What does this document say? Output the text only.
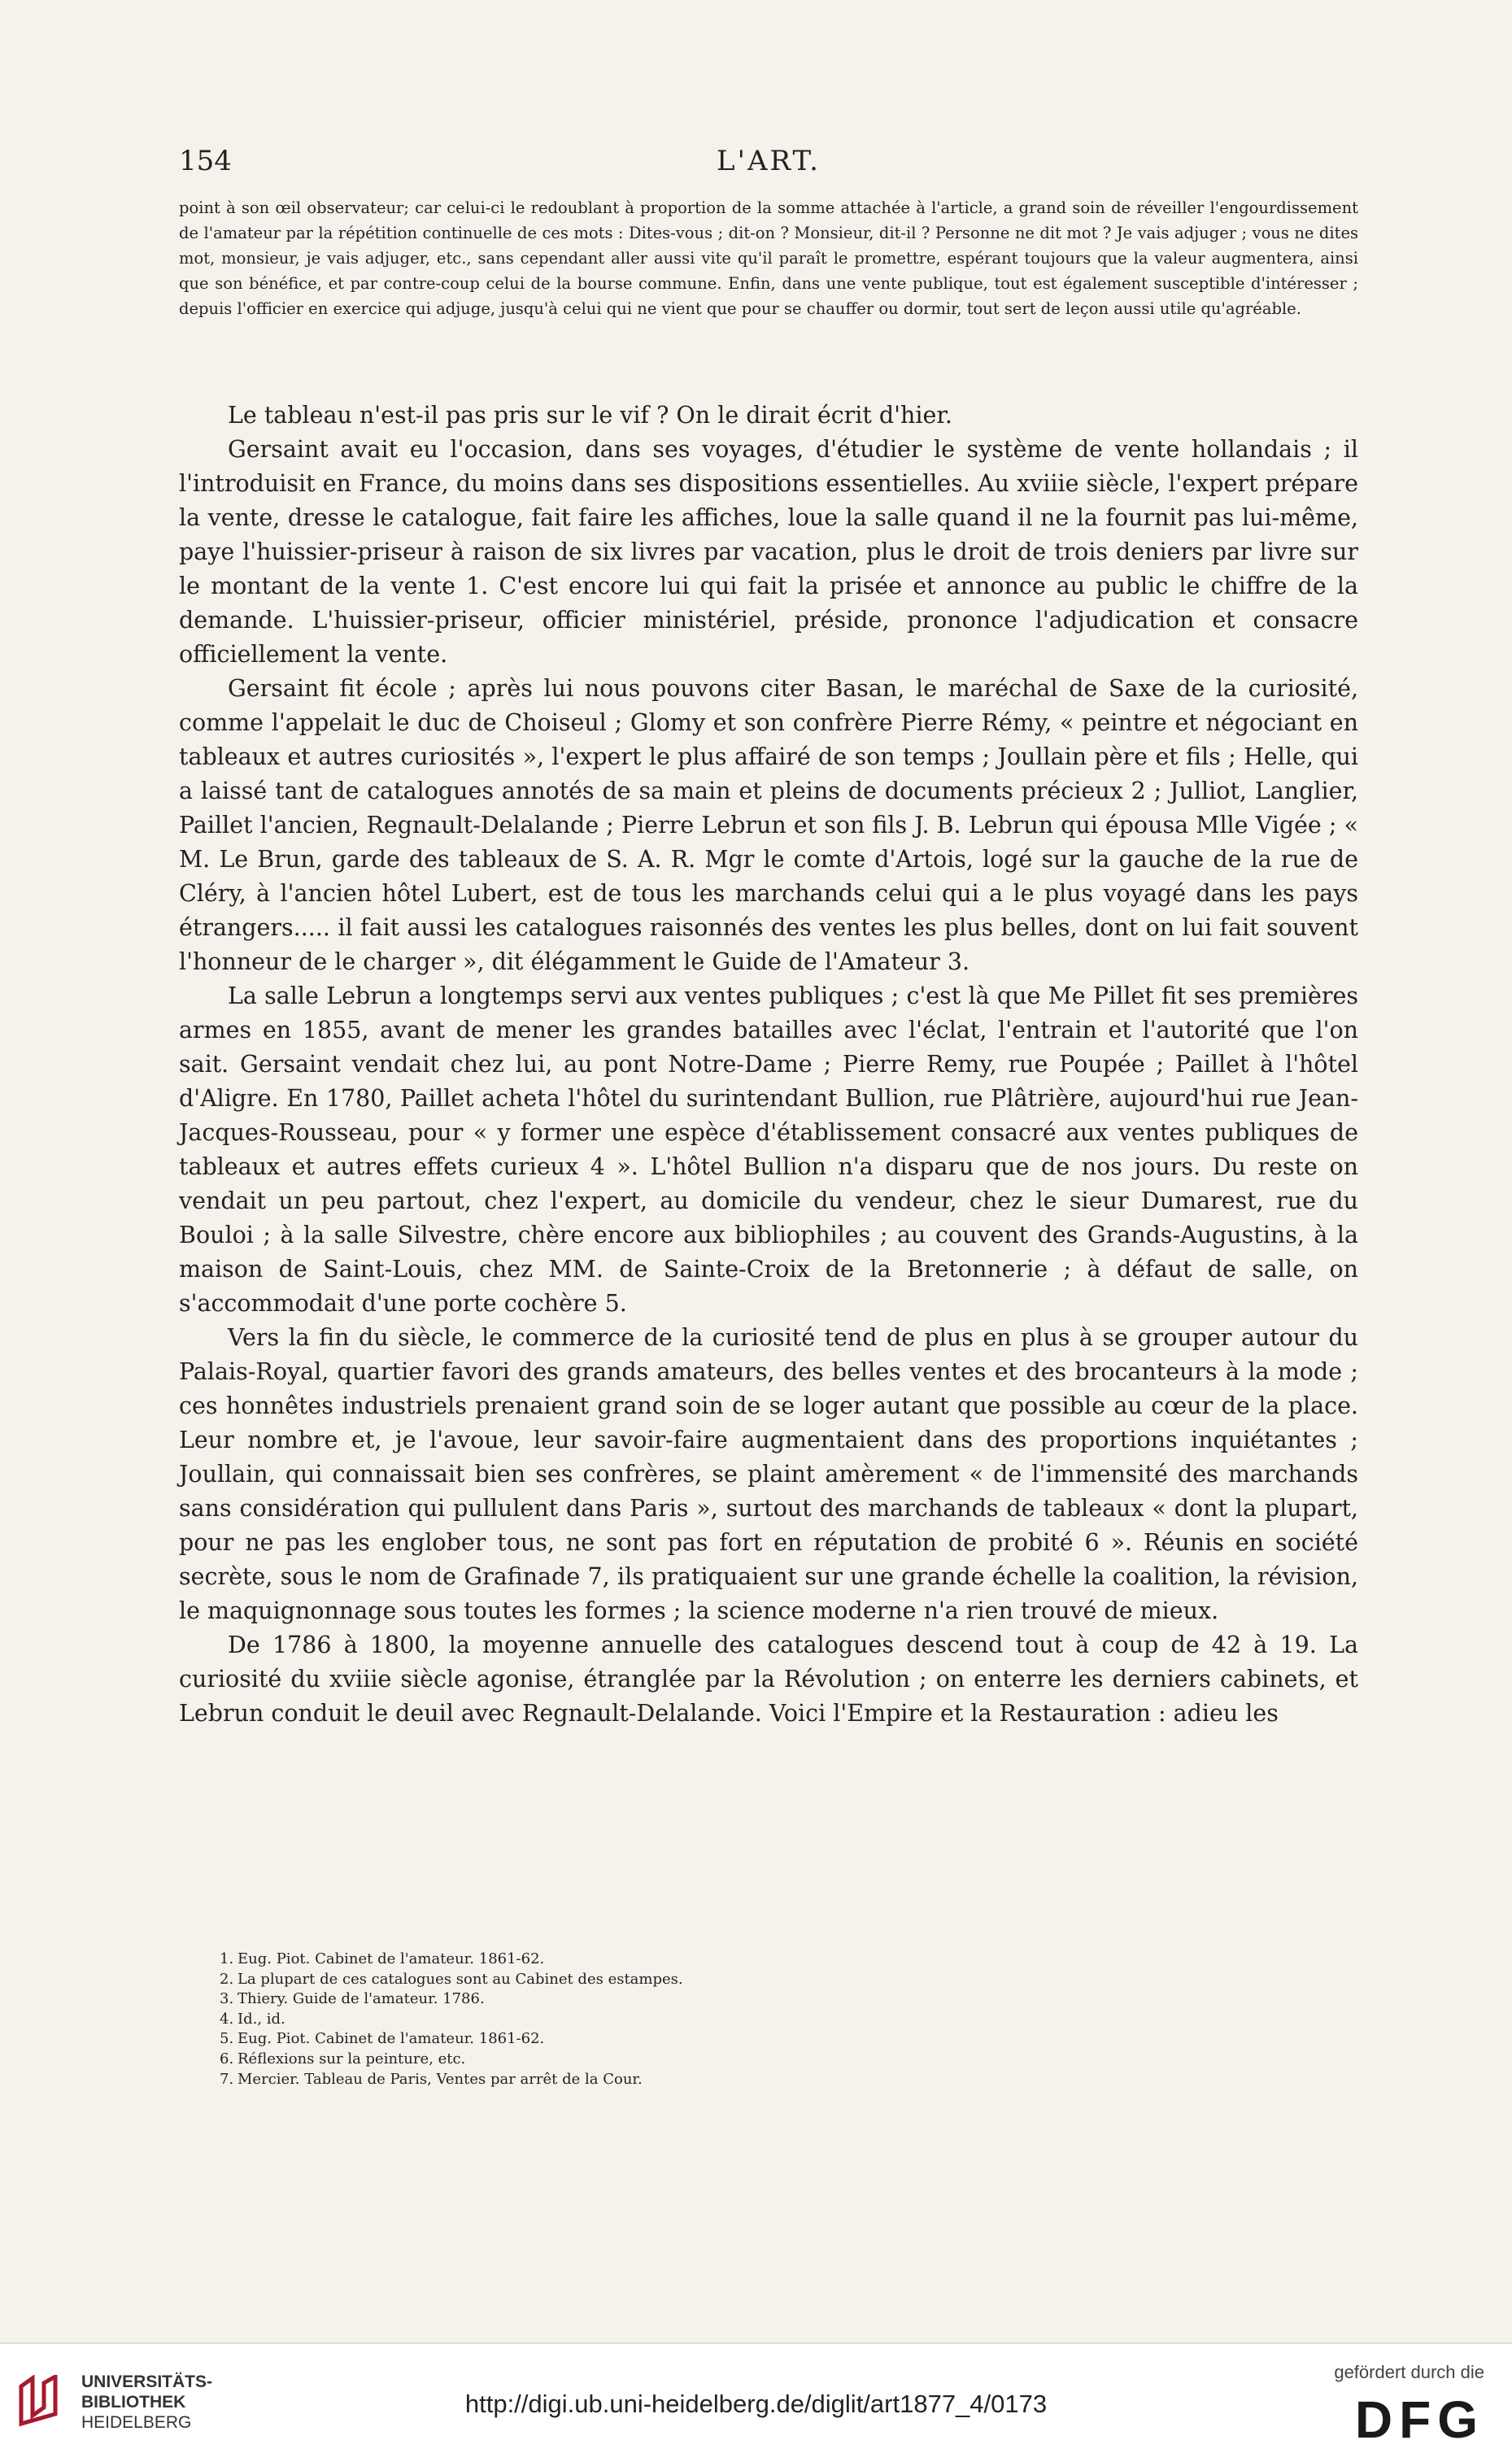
154	L'ART.
point à son œil observateur; car celui-ci le redoublant à proportion de la somme attachée à l'article, a grand soin de réveiller l'engourdissement de l'amateur par la répétition continuelle de ces mots : Dites-vous ; dit-on ? Monsieur, dit-il ? Personne ne dit mot ? Je vais adjuger ; vous ne dites mot, monsieur, je vais adjuger, etc., sans cependant aller aussi vite qu'il paraît le promettre, espérant toujours que la valeur augmentera, ainsi que son bénéfice, et par contre-coup celui de la bourse commune. Enfin, dans une vente publique, tout est également susceptible d'intéresser ; depuis l'officier en exercice qui adjuge, jusqu'à celui qui ne vient que pour se chauffer ou dormir, tout sert de leçon aussi utile qu'agréable.

Le tableau n'est-il pas pris sur le vif ? On le dirait écrit d'hier.

Gersaint avait eu l'occasion, dans ses voyages, d'étudier le système de vente hollandais ; il l'introduisit en France, du moins dans ses dispositions essentielles. Au xviiie siècle, l'expert prépare la vente, dresse le catalogue, fait faire les affiches, loue la salle quand il ne la fournit pas lui-même, paye l'huissier-priseur à raison de six livres par vacation, plus le droit de trois deniers par livre sur le montant de la vente 1. C'est encore lui qui fait la prisée et annonce au public le chiffre de la demande. L'huissier-priseur, officier ministériel, préside, prononce l'adjudication et consacre officiellement la vente.

Gersaint fit école ; après lui nous pouvons citer Basan, le maréchal de Saxe de la curiosité, comme l'appelait le duc de Choiseul ; Glomy et son confrère Pierre Rémy, « peintre et négociant en tableaux et autres curiosités », l'expert le plus affairé de son temps ; Joullain père et fils ; Helle, qui a laissé tant de catalogues annotés de sa main et pleins de documents précieux 2 ; Julliot, Langlier, Paillet l'ancien, Regnault-Delalande ; Pierre Lebrun et son fils J. B. Lebrun qui épousa Mlle Vigée ; « M. Le Brun, garde des tableaux de S. A. R. Mgr le comte d'Artois, logé sur la gauche de la rue de Cléry, à l'ancien hôtel Lubert, est de tous les marchands celui qui a le plus voyagé dans les pays étrangers..... il fait aussi les catalogues raisonnés des ventes les plus belles, dont on lui fait souvent l'honneur de le charger », dit élégamment le Guide de l'Amateur 3.

La salle Lebrun a longtemps servi aux ventes publiques ; c'est là que Me Pillet fit ses premières armes en 1855, avant de mener les grandes batailles avec l'éclat, l'entrain et l'autorité que l'on sait. Gersaint vendait chez lui, au pont Notre-Dame ; Pierre Remy, rue Poupée ; Paillet à l'hôtel d'Aligre. En 1780, Paillet acheta l'hôtel du surintendant Bullion, rue Plâtrière, aujourd'hui rue Jean-Jacques-Rousseau, pour « y former une espèce d'établissement consacré aux ventes publiques de tableaux et autres effets curieux 4 ». L'hôtel Bullion n'a disparu que de nos jours. Du reste on vendait un peu partout, chez l'expert, au domicile du vendeur, chez le sieur Dumarest, rue du Bouloi ; à la salle Silvestre, chère encore aux bibliophiles ; au couvent des Grands-Augustins, à la maison de Saint-Louis, chez MM. de Sainte-Croix de la Bretonnerie ; à défaut de salle, on s'accommodait d'une porte cochère 5.

Vers la fin du siècle, le commerce de la curiosité tend de plus en plus à se grouper autour du Palais-Royal, quartier favori des grands amateurs, des belles ventes et des brocanteurs à la mode ; ces honnêtes industriels prenaient grand soin de se loger autant que possible au cœur de la place. Leur nombre et, je l'avoue, leur savoir-faire augmentaient dans des proportions inquiétantes ; Joullain, qui connaissait bien ses confrères, se plaint amèrement « de l'immensité des marchands sans considération qui pullulent dans Paris », surtout des marchands de tableaux « dont la plupart, pour ne pas les englober tous, ne sont pas fort en réputation de probité 6 ». Réunis en société secrète, sous le nom de Grafinade 7, ils pratiquaient sur une grande échelle la coalition, la révision, le maquignonnage sous toutes les formes ; la science moderne n'a rien trouvé de mieux.

De 1786 à 1800, la moyenne annuelle des catalogues descend tout à coup de 42 à 19. La curiosité du xviiie siècle agonise, étranglée par la Révolution ; on enterre les derniers cabinets, et Lebrun conduit le deuil avec Regnault-Delalande. Voici l'Empire et la Restauration : adieu les

1. Eug. Piot. Cabinet de l'amateur. 1861-62.
2. La plupart de ces catalogues sont au Cabinet des estampes.
3. Thiery. Guide de l'amateur. 1786.
4. Id., id.
5. Eug. Piot. Cabinet de l'amateur. 1861-62.
6. Réflexions sur la peinture, etc.
7. Mercier. Tableau de Paris, Ventes par arrêt de la Cour.
UNIVERSITÄTS-
BIBLIOTHEK
HEIDELBERG
http://digi.ub.uni-heidelberg.de/diglit/art1877_4/0173
gefördert durch die
DFG
